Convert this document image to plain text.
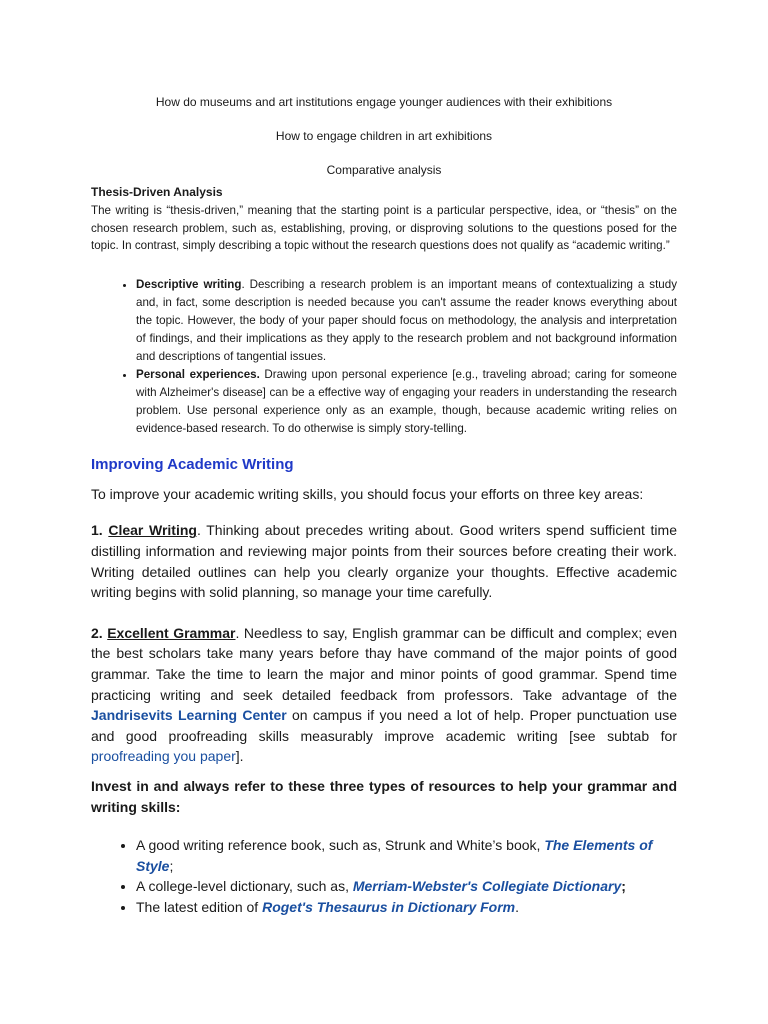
How do museums and art institutions engage younger audiences with their exhibitions

How to engage children in art exhibitions

Comparative analysis

Thesis-Driven Analysis

The writing is “thesis-driven,” meaning that the starting point is a particular perspective, idea, or “thesis” on the chosen research problem, such as, establishing, proving, or disproving solutions to the questions posed for the topic. In contrast, simply describing a topic without the research questions does not qualify as “academic writing.”

• Descriptive writing. Describing a research problem is an important means of contextualizing a study and, in fact, some description is needed because you can't assume the reader knows everything about the topic. However, the body of your paper should focus on methodology, the analysis and interpretation of findings, and their implications as they apply to the research problem and not background information and descriptions of tangential issues.
• Personal experiences. Drawing upon personal experience [e.g., traveling abroad; caring for someone with Alzheimer's disease] can be a effective way of engaging your readers in understanding the research problem. Use personal experience only as an example, though, because academic writing relies on evidence-based research. To do otherwise is simply story-telling.

Improving Academic Writing

To improve your academic writing skills, you should focus your efforts on three key areas:

1. Clear Writing. Thinking about precedes writing about. Good writers spend sufficient time distilling information and reviewing major points from their sources before creating their work. Writing detailed outlines can help you clearly organize your thoughts. Effective academic writing begins with solid planning, so manage your time carefully.

2. Excellent Grammar. Needless to say, English grammar can be difficult and complex; even the best scholars take many years before thay have command of the major points of good grammar. Take the time to learn the major and minor points of good grammar. Spend time practicing writing and seek detailed feedback from professors. Take advantage of the Jandrisevits Learning Center on campus if you need a lot of help. Proper punctuation use and good proofreading skills measurably improve academic writing [see subtab for proofreading you paper].

Invest in and always refer to these three types of resources to help your grammar and writing skills:

• A good writing reference book, such as, Strunk and White’s book, The Elements of Style;
• A college-level dictionary, such as, Merriam-Webster's Collegiate Dictionary;
• The latest edition of Roget's Thesaurus in Dictionary Form.
